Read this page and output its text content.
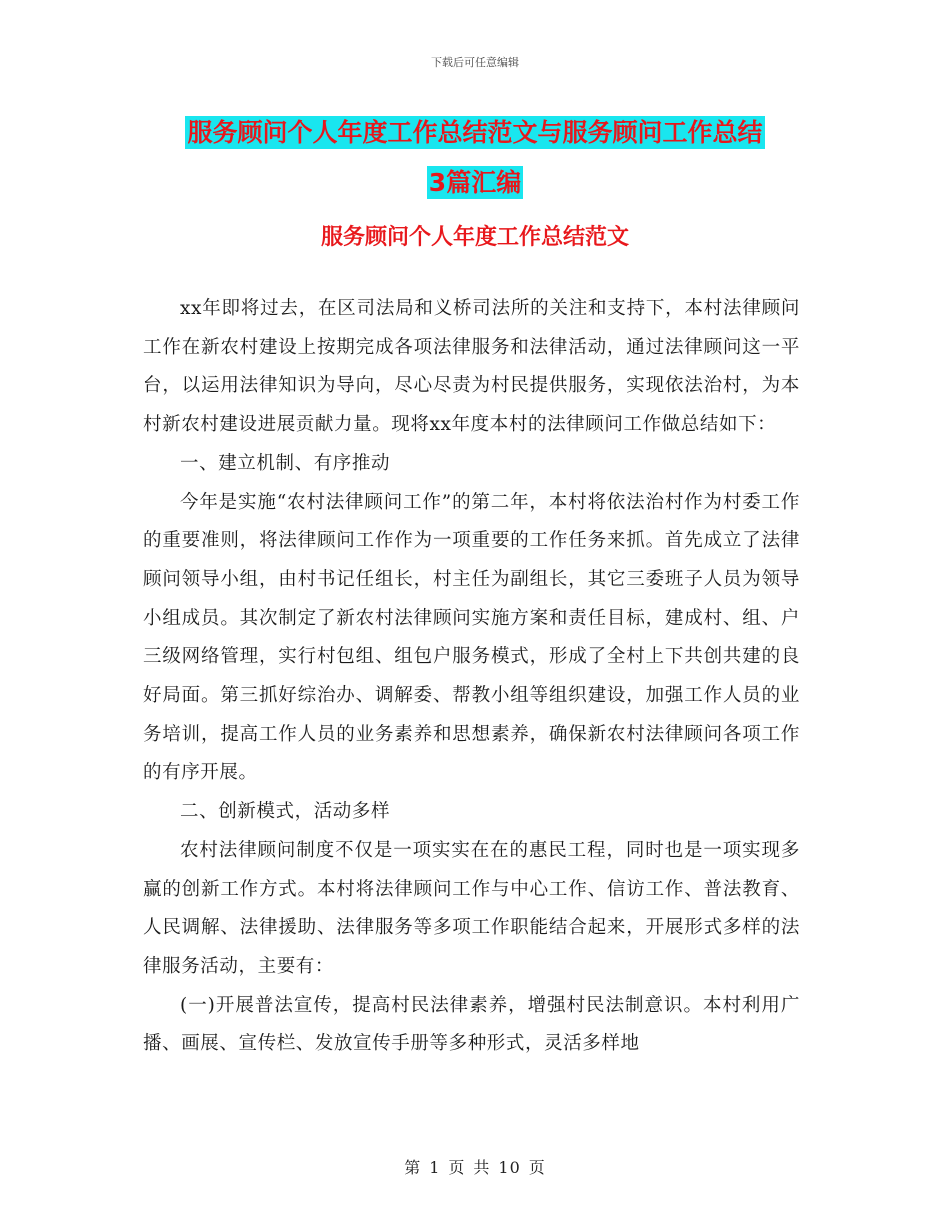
下载后可任意编辑
服务顾问个人年度工作总结范文与服务顾问工作总结
3篇汇编
服务顾问个人年度工作总结范文

xx年即将过去，在区司法局和义桥司法所的关注和支持下，本村法律顾问工作在新农村建设上按期完成各项法律服务和法律活动，通过法律顾问这一平台，以运用法律知识为导向，尽心尽责为村民提供服务，实现依法治村，为本村新农村建设进展贡献力量。现将xx年度本村的法律顾问工作做总结如下：

一、建立机制、有序推动

今年是实施“农村法律顾问工作”的第二年，本村将依法治村作为村委工作的重要准则，将法律顾问工作作为一项重要的工作任务来抓。首先成立了法律顾问领导小组，由村书记任组长，村主任为副组长，其它三委班子人员为领导小组成员。其次制定了新农村法律顾问实施方案和责任目标，建成村、组、户三级网络管理，实行村包组、组包户服务模式，形成了全村上下共创共建的良好局面。第三抓好综治办、调解委、帮教小组等组织建设，加强工作人员的业务培训，提高工作人员的业务素养和思想素养，确保新农村法律顾问各项工作的有序开展。

二、创新模式，活动多样

农村法律顾问制度不仅是一项实实在在的惠民工程，同时也是一项实现多赢的创新工作方式。本村将法律顾问工作与中心工作、信访工作、普法教育、人民调解、法律援助、法律服务等多项工作职能结合起来，开展形式多样的法律服务活动，主要有：

(一)开展普法宣传，提高村民法律素养，增强村民法制意识。本村利用广播、画展、宣传栏、发放宣传手册等多种形式，灵活多样地

第 1 页 共 10 页
